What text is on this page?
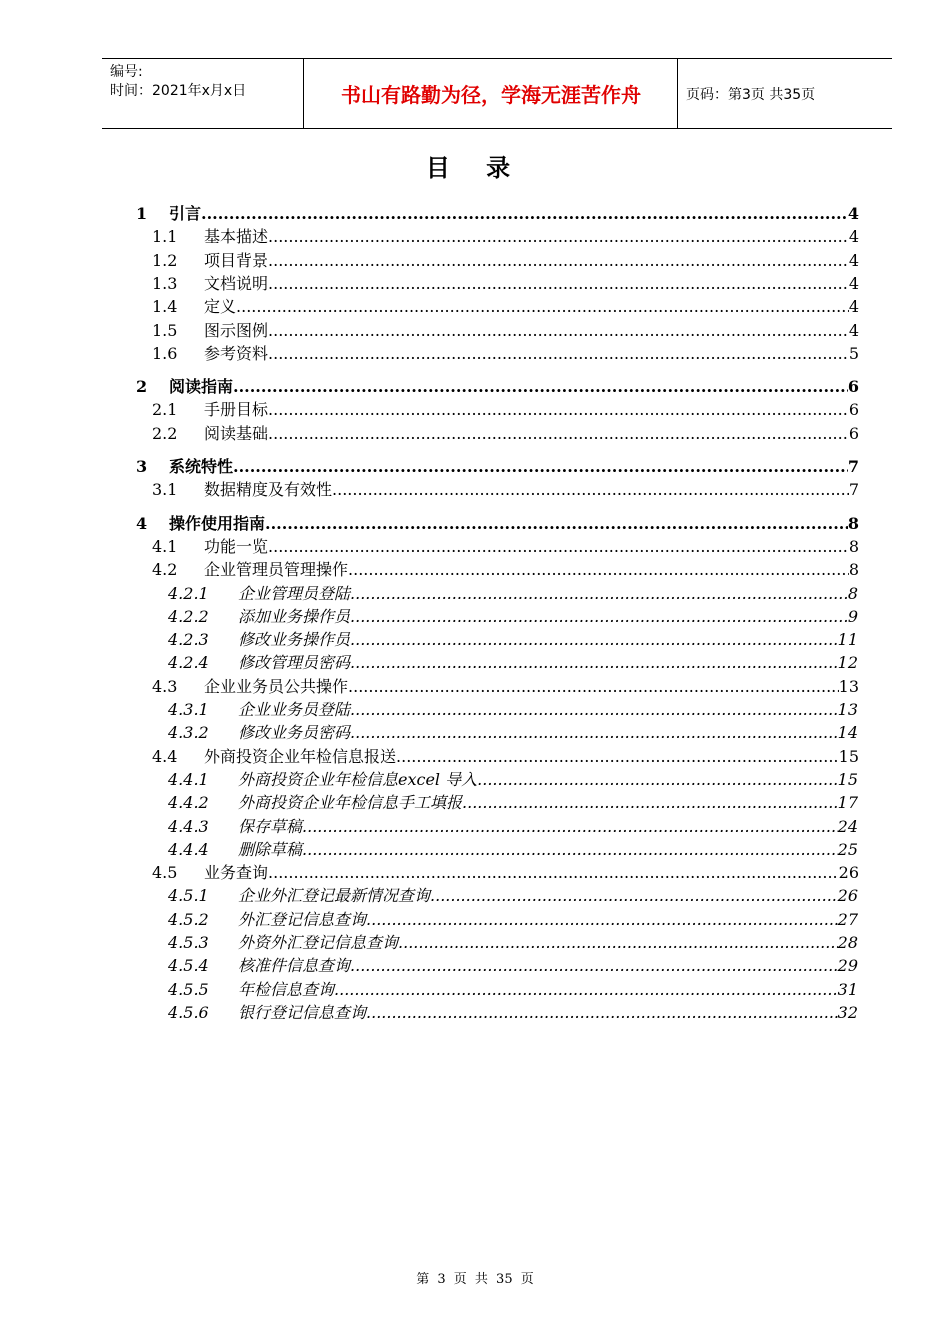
编号:
时间：2021年x月x日	书山有路勤为径，学海无涯苦作舟	页码：第3页 共35页
目 录
1 引言 .....	4
1.1 基本描述 .....	4
1.2 项目背景 .....	4
1.3 文档说明 .....	4
1.4 定义 .....	4
1.5 图示图例 .....	4
1.6 参考资料 .....	5
2 阅读指南 .....	6
2.1 手册目标 .....	6
2.2 阅读基础 .....	6
3 系统特性 .....	7
3.1 数据精度及有效性 .....	7
4 操作使用指南 .....	8
4.1 功能一览 .....	8
4.2 企业管理员管理操作 .....	8
4.2.1 企业管理员登陆 .....	8
4.2.2 添加业务操作员 .....	9
4.2.3 修改业务操作员 .....	11
4.2.4 修改管理员密码 .....	12
4.3 企业业务员公共操作 .....	13
4.3.1 企业业务员登陆 .....	13
4.3.2 修改业务员密码 .....	14
4.4 外商投资企业年检信息报送 .....	15
4.4.1 外商投资企业年检信息excel 导入 .....	15
4.4.2 外商投资企业年检信息手工填报 .....	17
4.4.3 保存草稿 .....	24
4.4.4 删除草稿 .....	25
4.5 业务查询 .....	26
4.5.1 企业外汇登记最新情况查询 .....	26
4.5.2 外汇登记信息查询 .....	27
4.5.3 外资外汇登记信息查询 .....	28
4.5.4 核准件信息查询 .....	29
4.5.5 年检信息查询 .....	31
4.5.6 银行登记信息查询 .....	32
第 3 页 共 35 页
